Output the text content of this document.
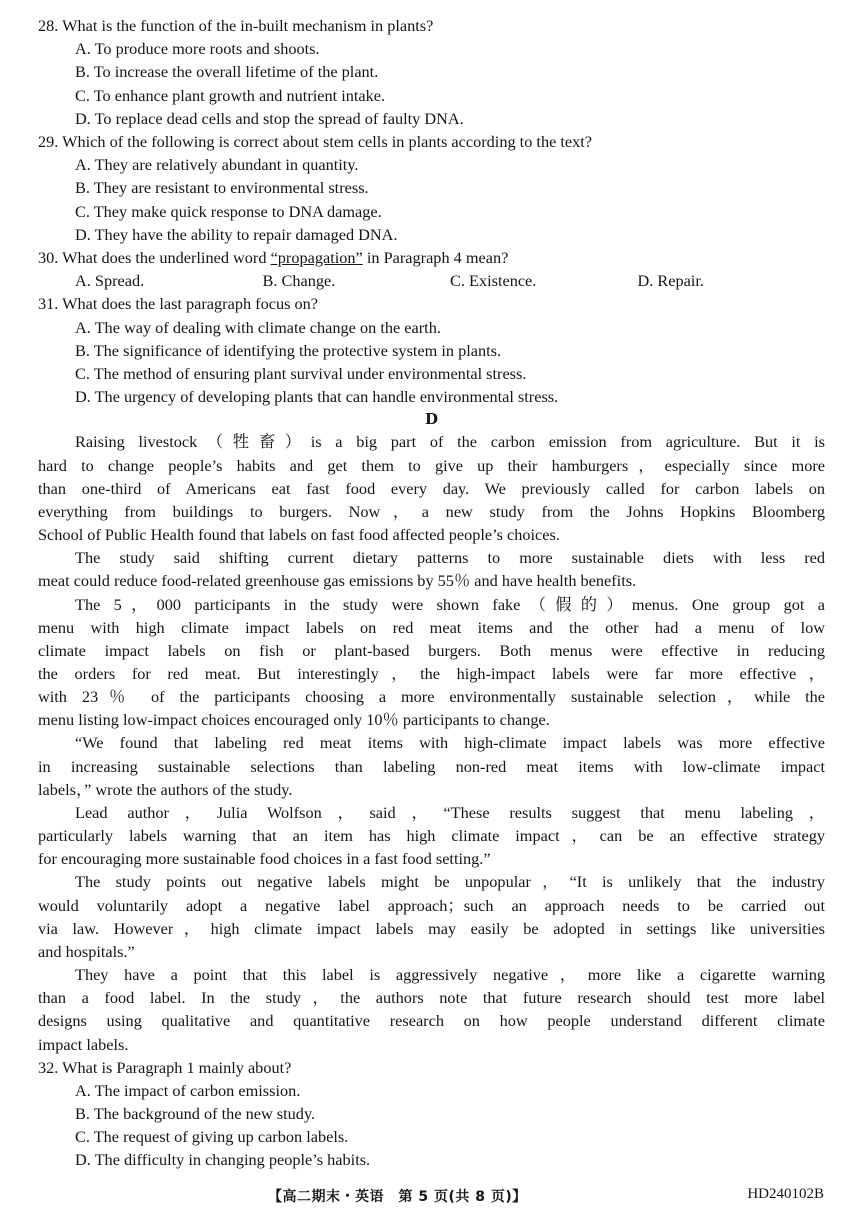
28. What is the function of the in-built mechanism in plants?
A. To produce more roots and shoots.
B. To increase the overall lifetime of the plant.
C. To enhance plant growth and nutrient intake.
D. To replace dead cells and stop the spread of faulty DNA.
29. Which of the following is correct about stem cells in plants according to the text?
A. They are relatively abundant in quantity.
B. They are resistant to environmental stress.
C. They make quick response to DNA damage.
D. They have the ability to repair damaged DNA.
30. What does the underlined word “propagation” in Paragraph 4 mean?
A. Spread.	B. Change.	C. Existence.	D. Repair.
31. What does the last paragraph focus on?
A. The way of dealing with climate change on the earth.
B. The significance of identifying the protective system in plants.
C. The method of ensuring plant survival under environmental stress.
D. The urgency of developing plants that can handle environmental stress.
D
Raising livestock（牲畜）is a big part of the carbon emission from agriculture. But it is
hard to change people’s habits and get them to give up their hamburgers，especially since more
than one-third of Americans eat fast food every day. We previously called for carbon labels on
everything from buildings to burgers. Now，a new study from the Johns Hopkins Bloomberg
School of Public Health found that labels on fast food affected people’s choices.
The study said shifting current dietary patterns to more sustainable diets with less red
meat could reduce food-related greenhouse gas emissions by 55％ and have health benefits.
The 5，000 participants in the study were shown fake（假的）menus. One group got a
menu with high climate impact labels on red meat items and the other had a menu of low
climate impact labels on fish or plant-based burgers. Both menus were effective in reducing
the orders for red meat. But interestingly，the high-impact labels were far more effective，
with 23％ of the participants choosing a more environmentally sustainable selection，while the
menu listing low-impact choices encouraged only 10％ participants to change.
“We found that labeling red meat items with high-climate impact labels was more effective
in increasing sustainable selections than labeling non-red meat items with low-climate impact
labels，” wrote the authors of the study.
Lead author，Julia Wolfson，said，“These results suggest that menu labeling，
particularly labels warning that an item has high climate impact，can be an effective strategy
for encouraging more sustainable food choices in a fast food setting.”
The study points out negative labels might be unpopular，“It is unlikely that the industry
would voluntarily adopt a negative label approach；such an approach needs to be carried out
via law. However，high climate impact labels may easily be adopted in settings like universities
and hospitals.”
They have a point that this label is aggressively negative，more like a cigarette warning
than a food label. In the study，the authors note that future research should test more label
designs using qualitative and quantitative research on how people understand different climate
impact labels.
32. What is Paragraph 1 mainly about?
A. The impact of carbon emission.
B. The background of the new study.
C. The request of giving up carbon labels.
D. The difficulty in changing people’s habits.
【高二期末・英语　第 5 页(共 8 页)】	HD240102B
